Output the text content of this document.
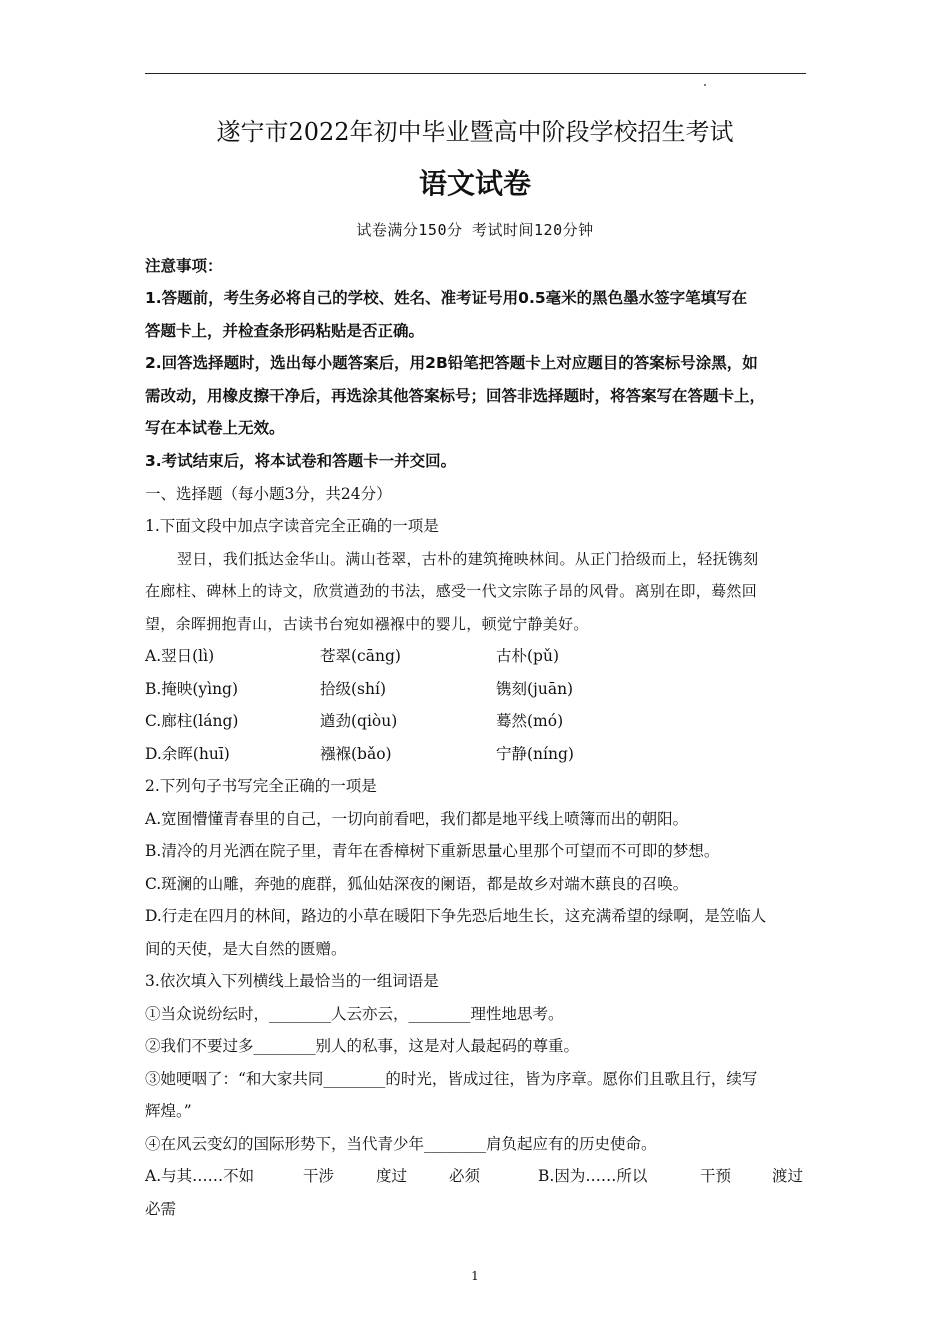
遂宁市2022年初中毕业暨高中阶段学校招生考试
语文试卷
试卷满分150分 考试时间120分钟
注意事项：
1.答题前，考生务必将自己的学校、姓名、准考证号用0.5毫米的黑色墨水签字笔填写在
答题卡上，并检查条形码粘贴是否正确。
2.回答选择题时，选出每小题答案后，用2B铅笔把答题卡上对应题目的答案标号涂黑，如
需改动，用橡皮擦干净后，再选涂其他答案标号；回答非选择题时，将答案写在答题卡上，
写在本试卷上无效。
3.考试结束后，将本试卷和答题卡一并交回。
一、选择题（每小题3分，共24分）
1.下面文段中加点字读音完全正确的一项是
翌日，我们抵达金华山。满山苍翠，古朴的建筑掩映林间。从正门拾级而上，轻抚镌刻
在廊柱、碑林上的诗文，欣赏遒劲的书法，感受一代文宗陈子昂的风骨。离别在即，蓦然回
望，余晖拥抱青山，古读书台宛如襁褓中的婴儿，顿觉宁静美好。
A.翌日(lì)	苍翠(cāng)	古朴(pǔ)
B.掩映(yìng)	拾级(shí)	镌刻(juān)
C.廊柱(láng)	遒劲(qiòu)	蓦然(mó)
D.余晖(huī)	襁褓(bǎo)	宁静(níng)
2.下列句子书写完全正确的一项是
A.宽囿懵懂青春里的自己，一切向前看吧，我们都是地平线上喷簿而出的朝阳。
B.清冷的月光洒在院子里，青年在香樟树下重新思量心里那个可望而不可即的梦想。
C.斑澜的山雕，奔弛的鹿群，狐仙姑深夜的阑语，都是故乡对端木蕻良的召唤。
D.行走在四月的林间，路边的小草在暖阳下争先恐后地生长，这充满希望的绿啊，是笠临人
间的天使，是大自然的匮赠。
3.依次填入下列横线上最恰当的一组词语是
①当众说纷纭时，________人云亦云，________理性地思考。
②我们不要过多________别人的私事，这是对人最起码的尊重。
③她哽咽了：“和大家共同________的时光，皆成过往，皆为序章。愿你们且歌且行，续写
辉煌。”
④在风云变幻的国际形势下，当代青少年________肩负起应有的历史使命。
A.与其……不如	干涉	度过	必须	B.因为……所以	干预	渡过
必需
1
